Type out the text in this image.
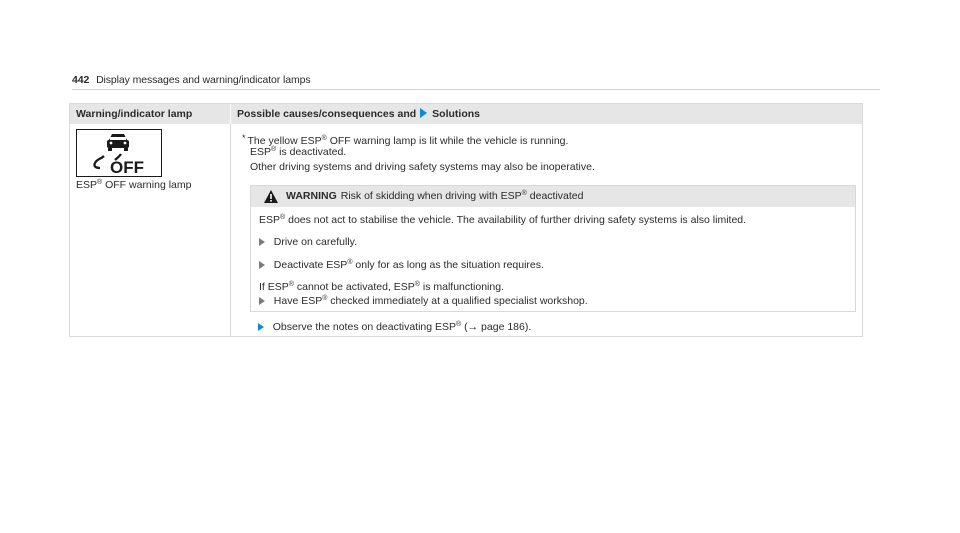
442 Display messages and warning/indicator lamps
Warning/indicator lamp	Possible causes/consequences and Solutions
OFF
ESP® OFF warning lamp
* The yellow ESP® OFF warning lamp is lit while the vehicle is running.
ESP® is deactivated.
Other driving systems and driving safety systems may also be inoperative.
WARNING Risk of skidding when driving with ESP® deactivated
ESP® does not act to stabilise the vehicle. The availability of further driving safety systems is also limited.
Drive on carefully.
Deactivate ESP® only for as long as the situation requires.
If ESP® cannot be activated, ESP® is malfunctioning.
Have ESP® checked immediately at a qualified specialist workshop.
Observe the notes on deactivating ESP® (→ page 186).
